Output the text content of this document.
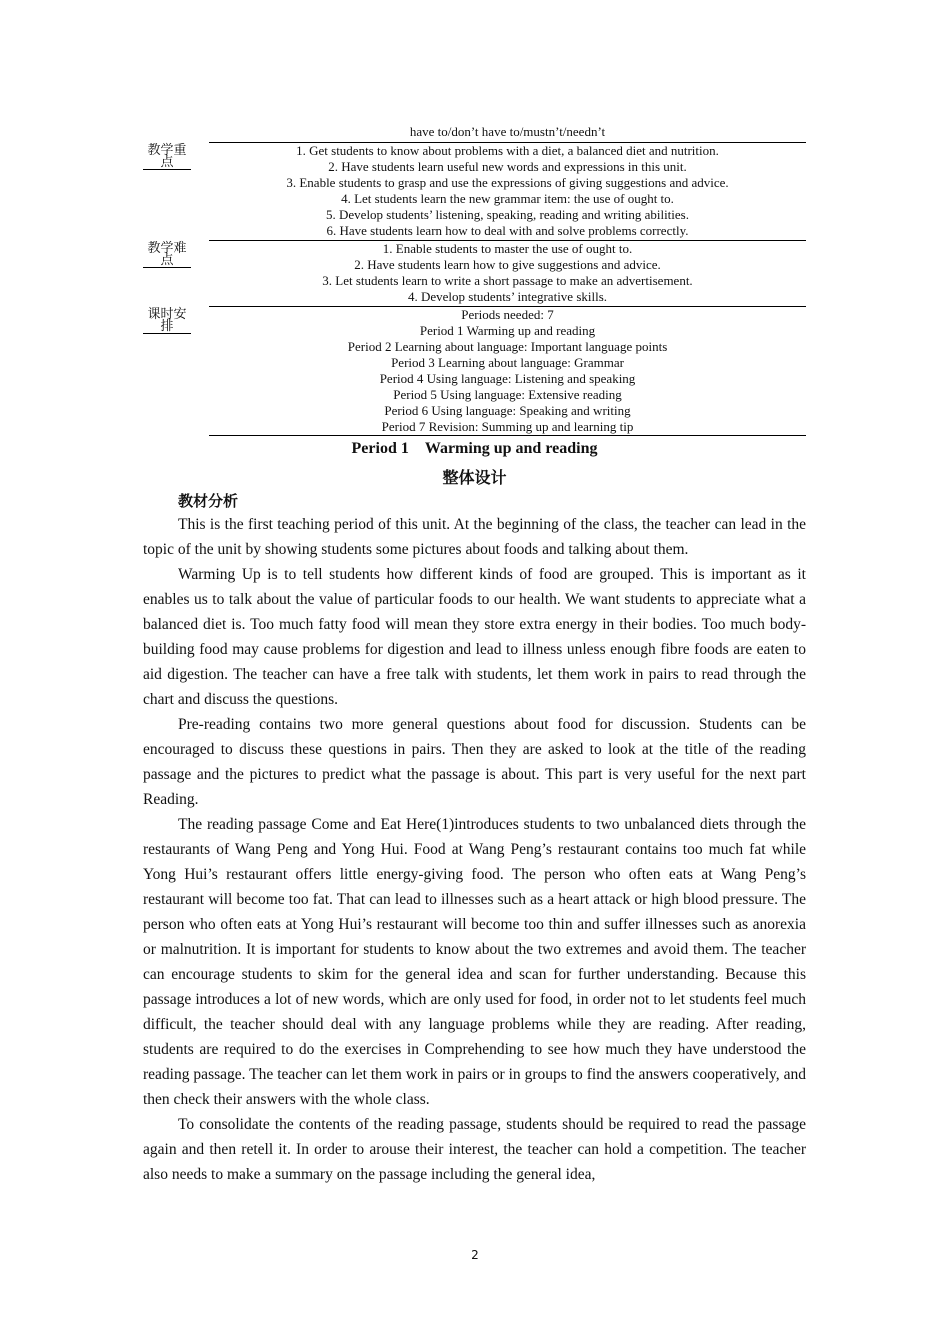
have to/don’t have to/mustn’t/needn’t
教学重
点
1. Get students to know about problems with a diet, a balanced diet and nutrition.
2. Have students learn useful new words and expressions in this unit.
3. Enable students to grasp and use the expressions of giving suggestions and advice.
4. Let students learn the new grammar item: the use of ought to.
5. Develop students’ listening, speaking, reading and writing abilities.
6. Have students learn how to deal with and solve problems correctly.
教学难
点
1. Enable students to master the use of ought to.
2. Have students learn how to give suggestions and advice.
3. Let students learn to write a short passage to make an advertisement.
4. Develop students’ integrative skills.
课时安
排
Periods needed: 7
Period 1 Warming up and reading
Period 2 Learning about language: Important language points
Period 3 Learning about language: Grammar
Period 4 Using language: Listening and speaking
Period 5 Using language: Extensive reading
Period 6 Using language: Speaking and writing
Period 7 Revision: Summing up and learning tip
Period 1    Warming up and reading
整体设计
教材分析

This is the first teaching period of this unit. At the beginning of the class, the teacher can lead in the topic of the unit by showing students some pictures about foods and talking about them.

Warming Up is to tell students how different kinds of food are grouped. This is important as it enables us to talk about the value of particular foods to our health. We want students to appreciate what a balanced diet is. Too much fatty food will mean they store extra energy in their bodies. Too much body-building food may cause problems for digestion and lead to illness unless enough fibre foods are eaten to aid digestion. The teacher can have a free talk with students, let them work in pairs to read through the chart and discuss the questions.

Pre-reading contains two more general questions about food for discussion. Students can be encouraged to discuss these questions in pairs. Then they are asked to look at the title of the reading passage and the pictures to predict what the passage is about. This part is very useful for the next part Reading.

The reading passage Come and Eat Here(1)introduces students to two unbalanced diets through the restaurants of Wang Peng and Yong Hui. Food at Wang Peng’s restaurant contains too much fat while Yong Hui’s restaurant offers little energy-giving food. The person who often eats at Wang Peng’s restaurant will become too fat. That can lead to illnesses such as a heart attack or high blood pressure. The person who often eats at Yong Hui’s restaurant will become too thin and suffer illnesses such as anorexia or malnutrition. It is important for students to know about the two extremes and avoid them. The teacher can encourage students to skim for the general idea and scan for further understanding. Because this passage introduces a lot of new words, which are only used for food, in order not to let students feel much difficult, the teacher should deal with any language problems while they are reading. After reading, students are required to do the exercises in Comprehending to see how much they have understood the reading passage. The teacher can let them work in pairs or in groups to find the answers cooperatively, and then check their answers with the whole class.

To consolidate the contents of the reading passage, students should be required to read the passage again and then retell it. In order to arouse their interest, the teacher can hold a competition. The teacher also needs to make a summary on the passage including the general idea,

2
